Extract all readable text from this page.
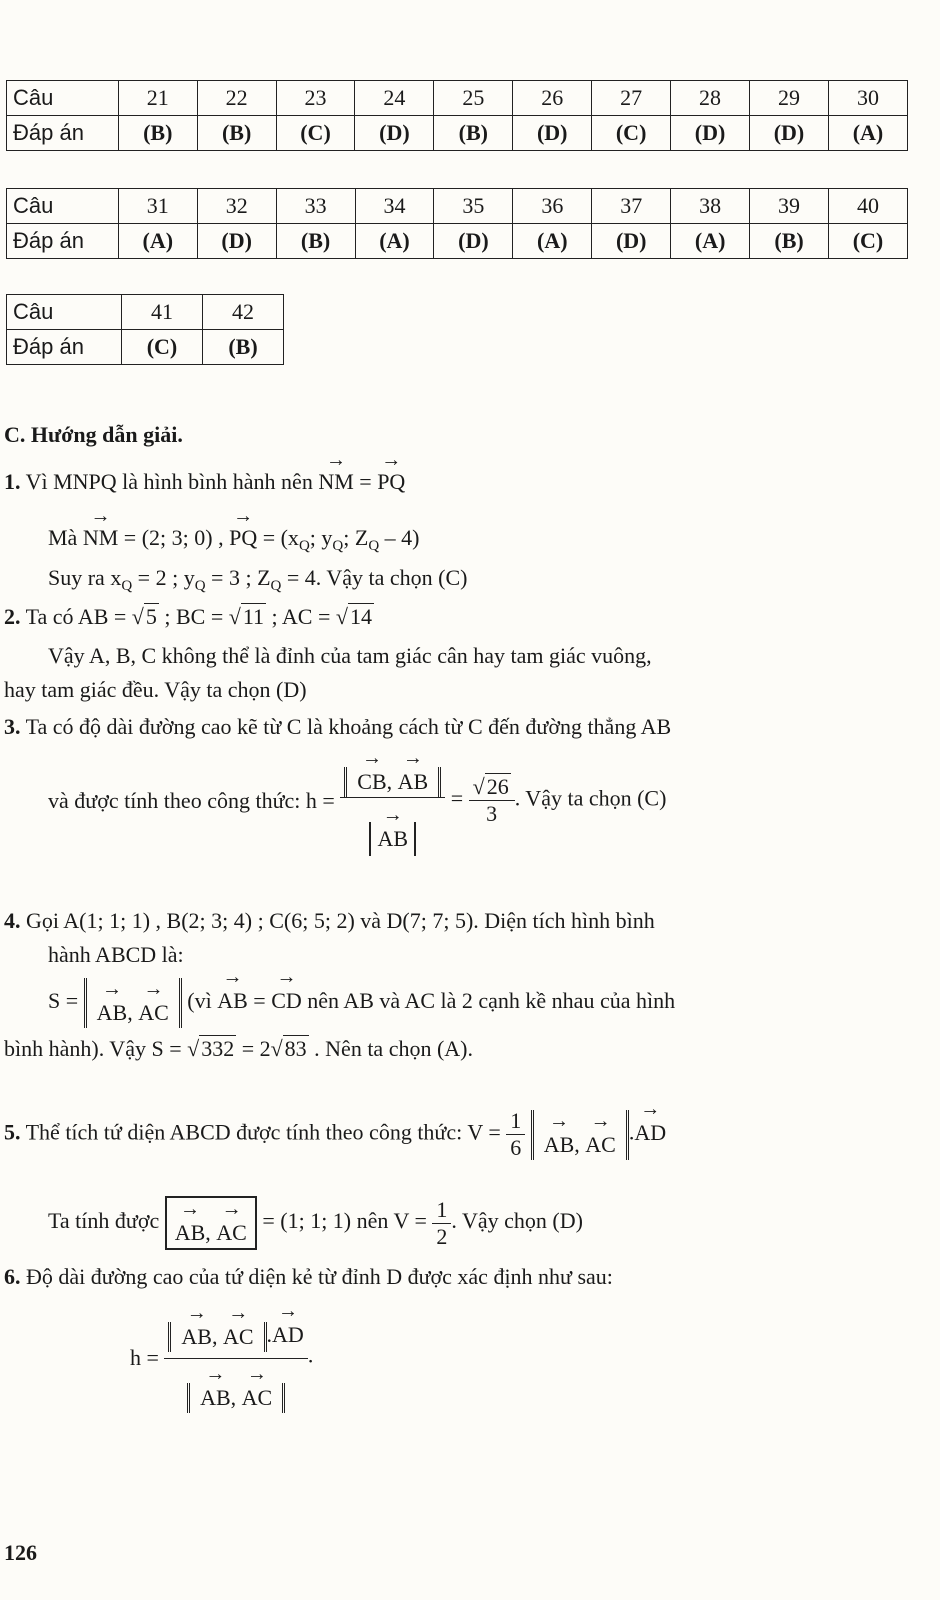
Câu	21	22	23	24	25	26	27	28	29	30
Đáp án	(B)	(B)	(C)	(D)	(B)	(D)	(C)	(D)	(D)	(A)
Câu	31	32	33	34	35	36	37	38	39	40
Đáp án	(A)	(D)	(B)	(A)	(D)	(A)	(D)	(A)	(B)	(C)
Câu	41	42
Đáp án	(C)	(B)
C. Hướng dẫn giải.
1. Vì MNPQ là hình bình hành nên → NM = → PQ
Mà → NM = (2; 3; 0) , → PQ = ($x_Q$; $y_Q$; $Z_Q - 4$)
Suy ra $x_Q = 2$ ; $y_Q = 3$ ; $Z_Q = 4$. Vậy ta chọn (C)
2. Ta có AB = √5 ; BC = √11 ; AC = √14
Vậy A, B, C không thể là đỉnh của tam giác cân hay tam giác vuông,
hay tam giác đều. Vậy ta chọn (D)
3. Ta có độ dài đường cao kẽ từ C là khoảng cách từ C đến đường thẳng AB
và được tính theo công thức: h = → CB, → AB
→ AB = $\frac{√26}{3}$ . Vậy ta chọn (C)
4. Gọi A(1; 1; 1) , B(2; 3; 4) ; C(6; 5; 2) và D(7; 7; 5). Diện tích hình bình
hành ABCD là:
S = → AB, → AC (vì → AB = → CD nên AB và AC là 2 cạnh kề nhau của hình
bình hành). Vậy S = √332 = 2√83 . Nên ta chọn (A).
5. Thể tích tứ diện ABCD được tính theo công thức: $V = \frac{1}{6}$ → AB, → AC .→ AD
Ta tính được → AB, → AC = (1; 1; 1) nên $V = \frac{1}{2}$ . Vậy chọn (D)
6. Độ dài đường cao của tứ diện kẻ từ đỉnh D được xác định như sau:
h = → AB, → AC .→ AD
→ AB, → AC .
126
